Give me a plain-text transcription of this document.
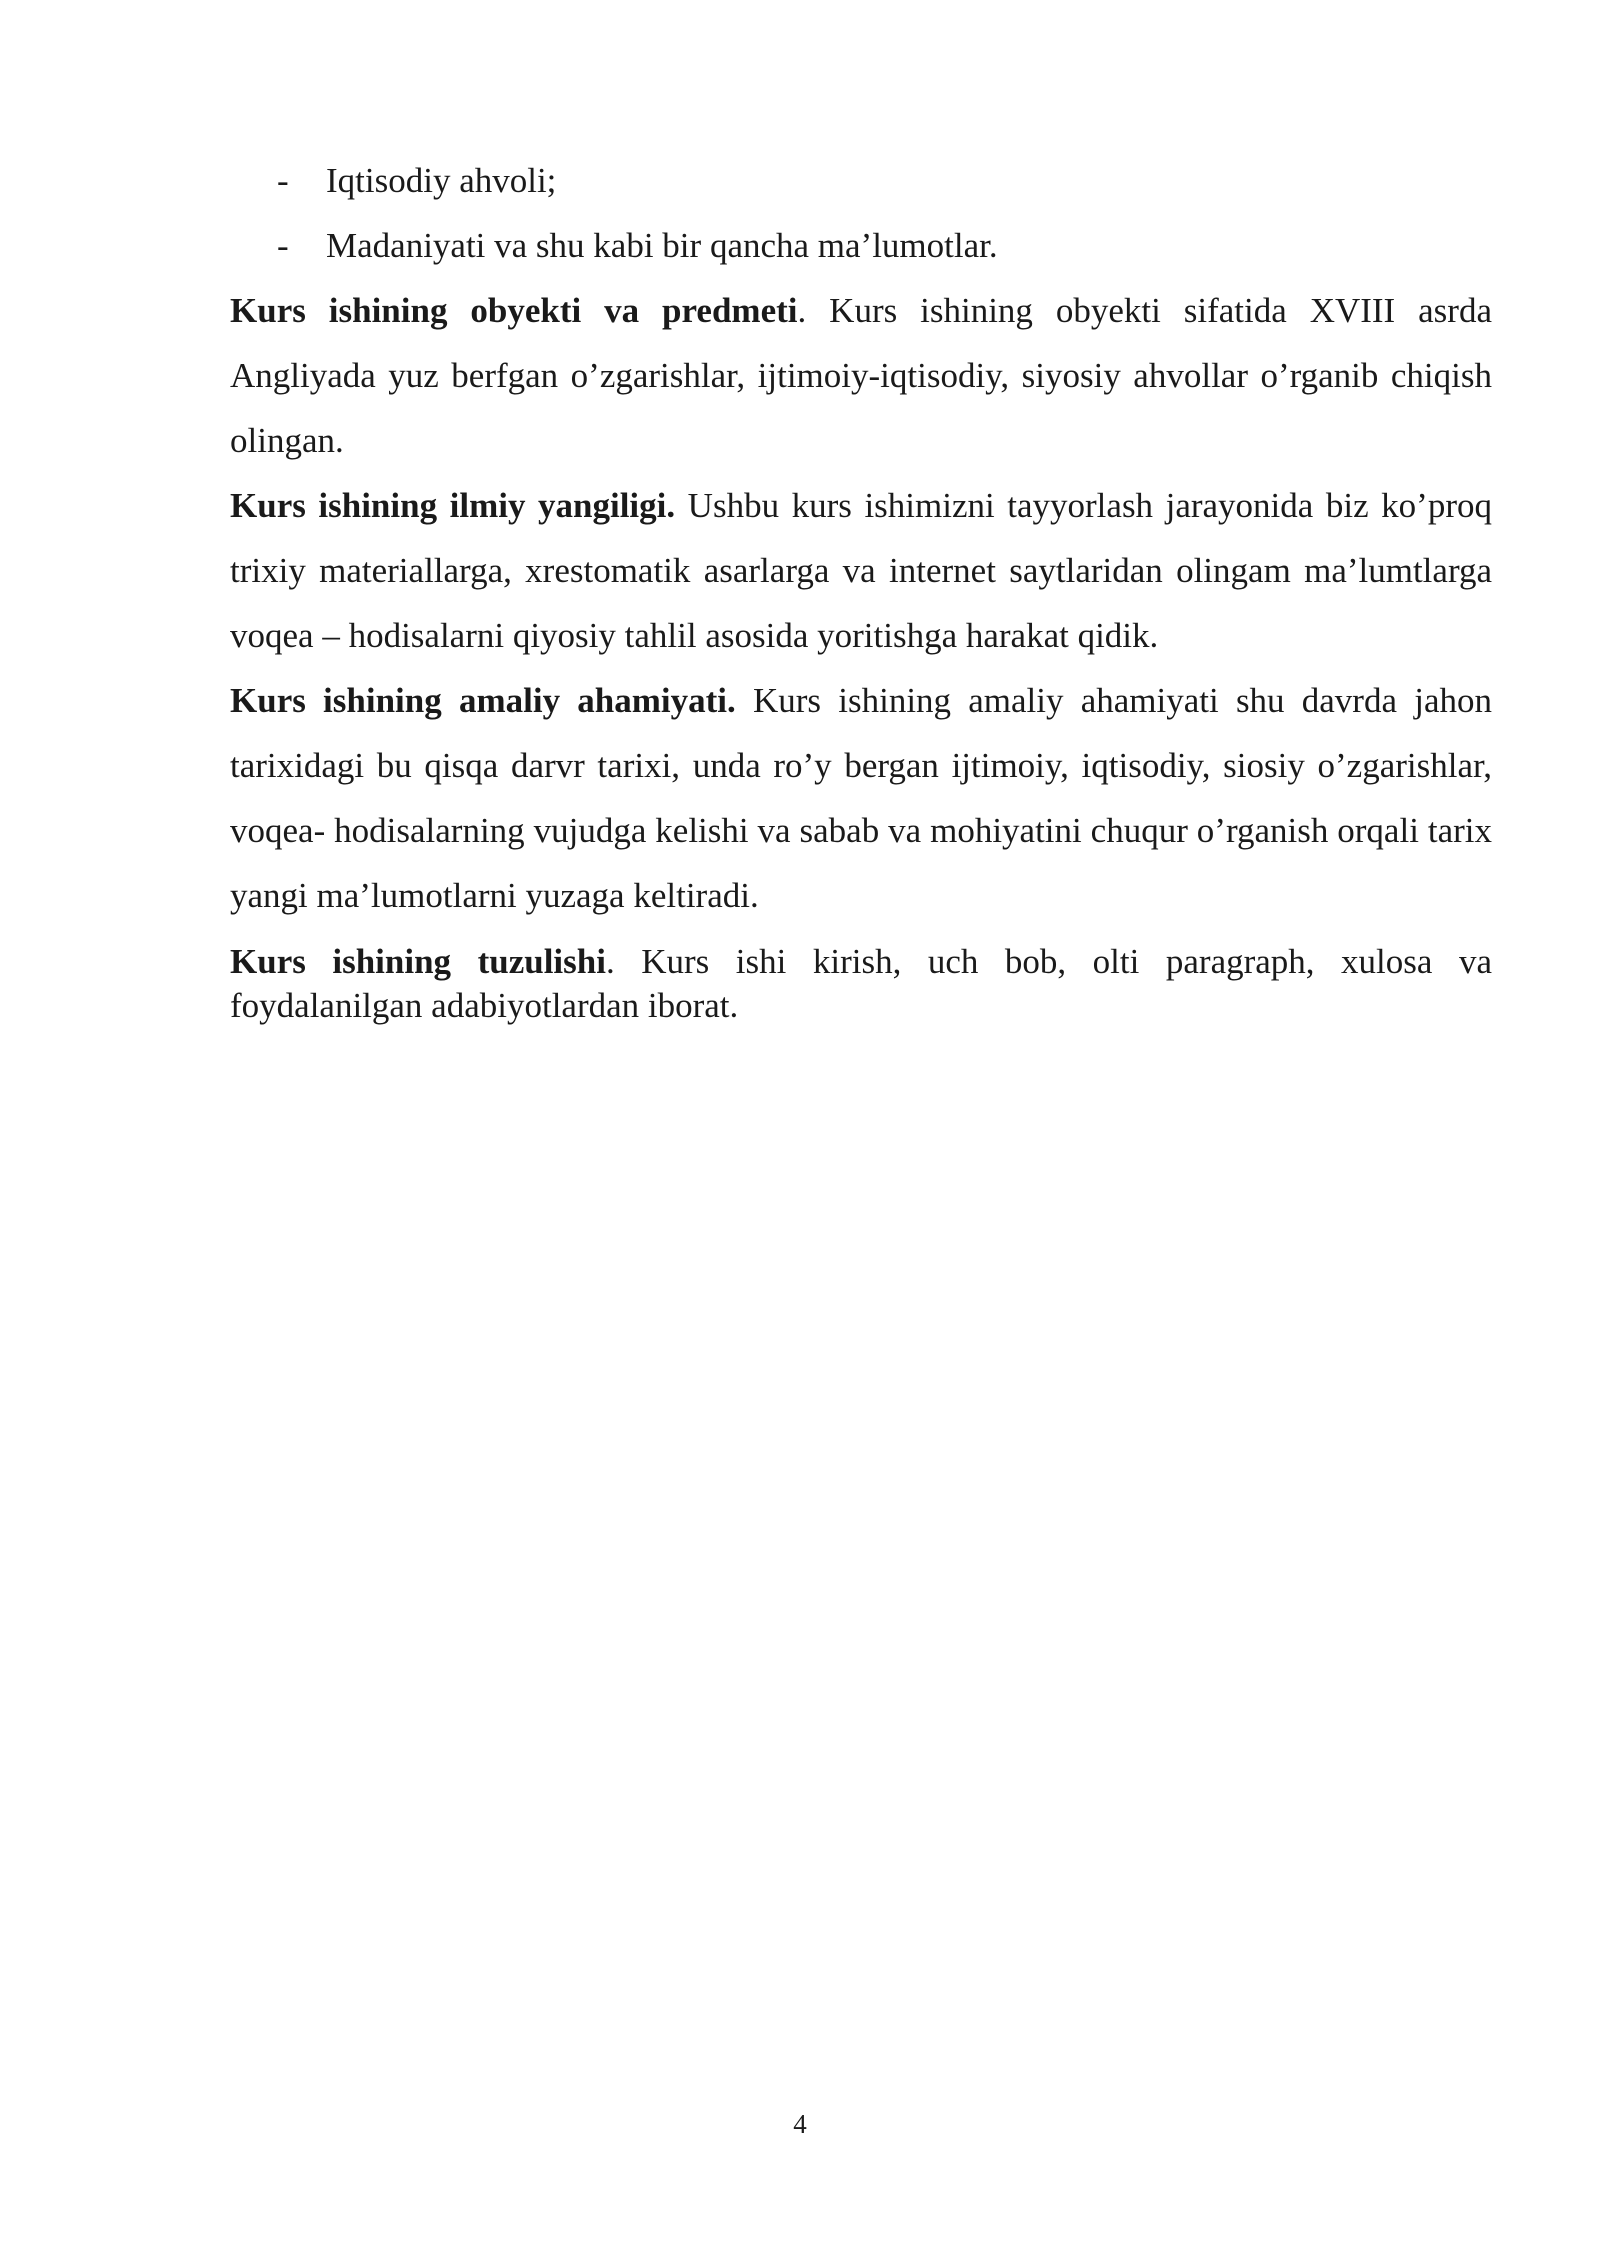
- Iqtisodiy ahvoli;
- Madaniyati va shu kabi bir qancha ma’lumotlar.

Kurs ishining obyekti va predmeti. Kurs ishining obyekti sifatida XVIII asrda Angliyada yuz berfgan o’zgarishlar, ijtimoiy-iqtisodiy, siyosiy ahvollar o’rganib chiqish olingan.

Kurs ishining ilmiy yangiligi. Ushbu kurs ishimizni tayyorlash jarayonida biz ko’proq trixiy materiallarga, xrestomatik asarlarga va internet saytlaridan olingam ma’lumtlarga voqea – hodisalarni qiyosiy tahlil asosida yoritishga harakat qidik.

Kurs ishining amaliy ahamiyati. Kurs ishining amaliy ahamiyati shu davrda jahon tarixidagi bu qisqa darvr tarixi, unda ro’y bergan ijtimoiy, iqtisodiy, siosiy o’zgarishlar, voqea- hodisalarning vujudga kelishi va sabab va mohiyatini chuqur o’rganish orqali tarix yangi ma’lumotlarni yuzaga keltiradi.

Kurs ishining tuzulishi. Kurs ishi kirish, uch bob, olti paragraph, xulosa va foydalanilgan adabiyotlardan iborat.

4
